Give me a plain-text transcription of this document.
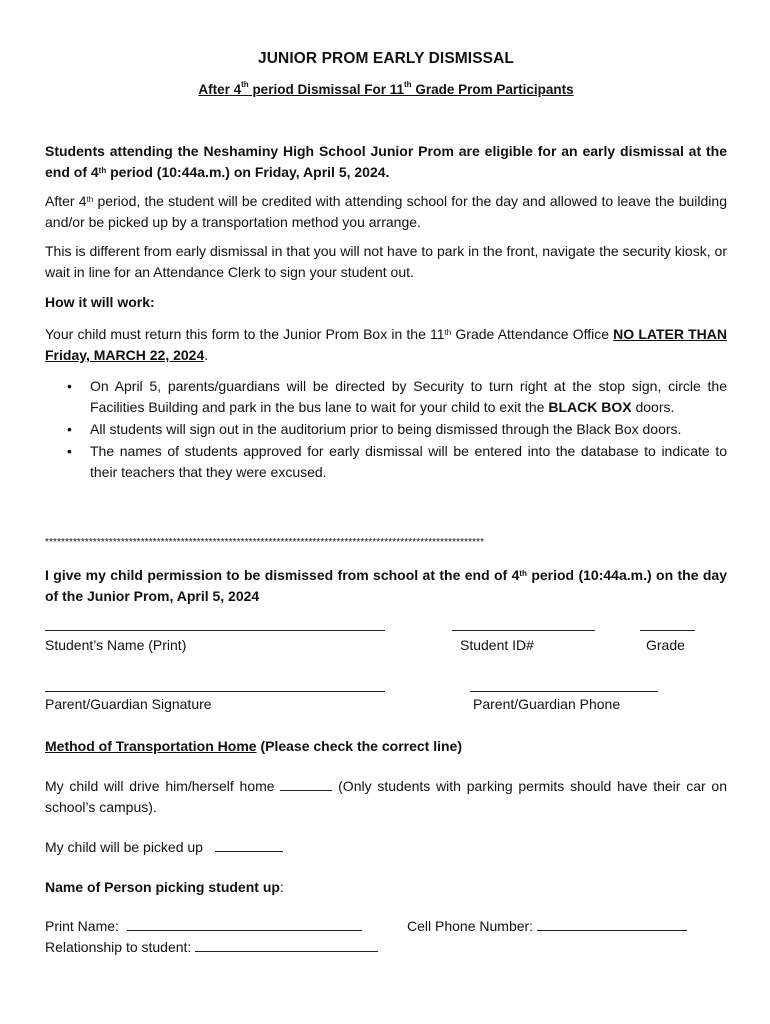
JUNIOR PROM EARLY DISMISSAL
After 4th period Dismissal For 11th Grade Prom Participants

Students attending the Neshaminy High School Junior Prom are eligible for an early dismissal at the end of 4th period (10:44a.m.) on Friday, April 5, 2024.

After 4th period, the student will be credited with attending school for the day and allowed to leave the building and/or be picked up by a transportation method you arrange.

This is different from early dismissal in that you will not have to park in the front, navigate the security kiosk, or wait in line for an Attendance Clerk to sign your student out.

How it will work:

Your child must return this form to the Junior Prom Box in the 11th Grade Attendance Office NO LATER THAN Friday, MARCH 22, 2024.

• On April 5, parents/guardians will be directed by Security to turn right at the stop sign, circle the Facilities Building and park in the bus lane to wait for your child to exit the BLACK BOX doors.
• All students will sign out in the auditorium prior to being dismissed through the Black Box doors.
• The names of students approved for early dismissal will be entered into the database to indicate to their teachers that they were excused.
**************************************************************************************************************

I give my child permission to be dismissed from school at the end of 4th period (10:44a.m.) on the day of the Junior Prom, April 5, 2024

Student’s Name (Print)	Student ID#	Grade
Parent/Guardian Signature	Parent/Guardian Phone

Method of Transportation Home (Please check the correct line)

My child will drive him/herself home	(Only students with parking permits should have their car on school’s campus).

My child will be picked up

Name of Person picking student up:

Print Name:	Cell Phone Number:

Relationship to student:
